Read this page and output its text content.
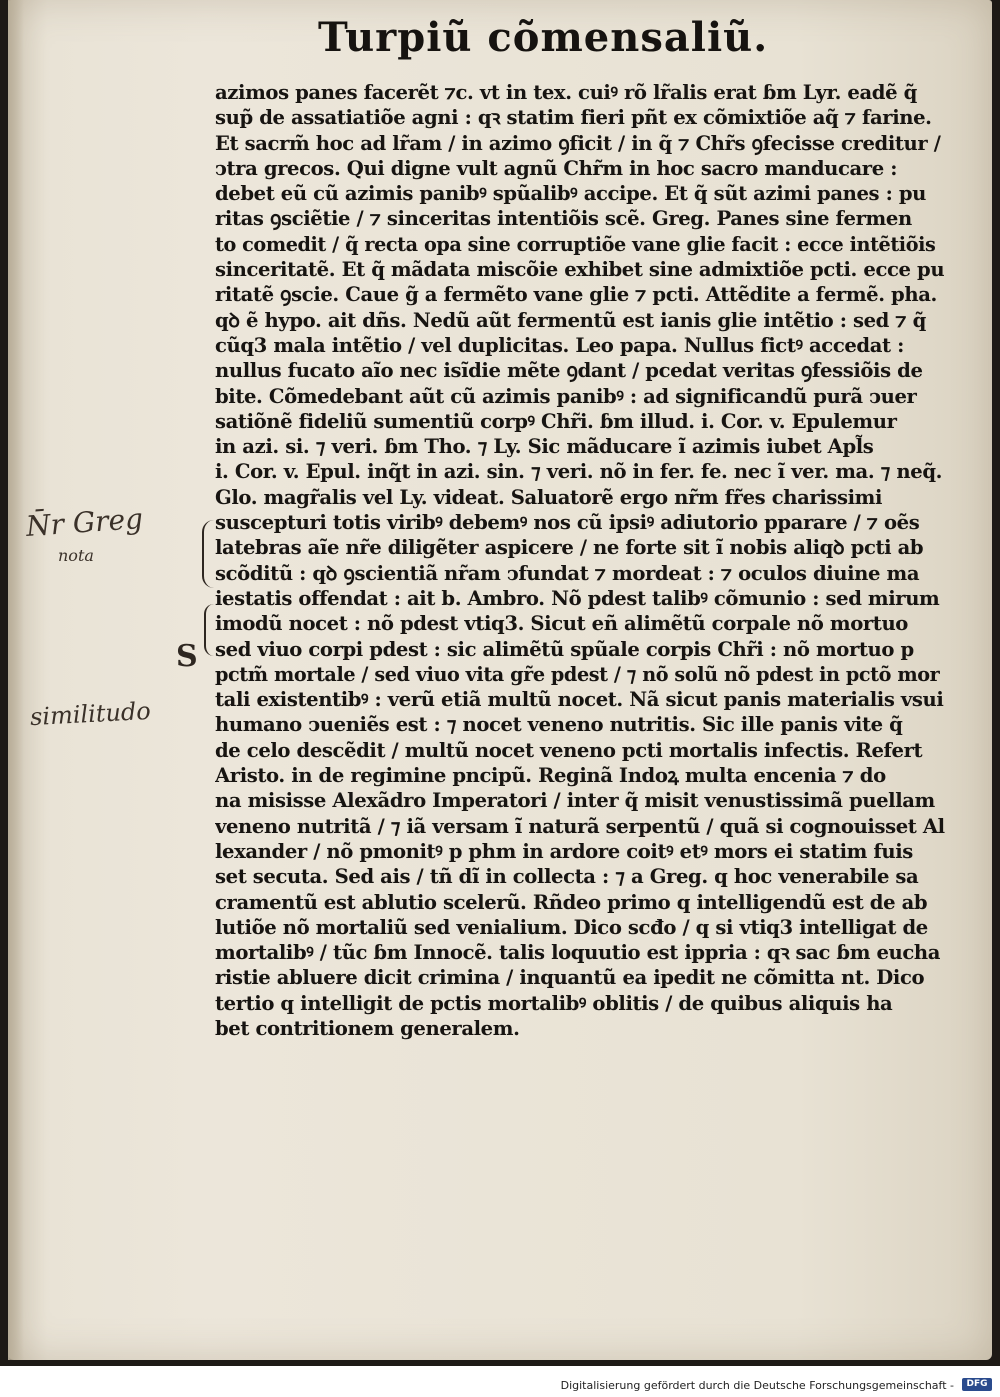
Turpiũ cõmensaliũ.
azimos panes facerẽt ⁊c. vt in tex. cuiꝰ rõ lr̃alis erat ɓm Lyr. eadẽ q̃
sup̃ de assatiatiõe agni : qꝛ statim fieri pñt ex cõmixtiõe aq̃ ⁊ farine.
Et sacrm̃ hoc ad lr̃am / in azimo ꝯficit / in q̃ ⁊ Chr̃s ꝯfecisse creditur /
ↄtra grecos. Qui digne vult agnũ Chr̃m in hoc sacro manducare :
debet eũ cũ azimis panibꝰ spũalibꝰ accipe. Et q̃ sũt azimi panes : pu
ritas ꝯsciẽtie / ⁊ sinceritas intentiõis scẽ. Greg. Panes sine fermen
to comedit / q̃ recta opa sine corruptiõe vane glie facit : ecce intẽtiõis
sinceritatẽ. Et q̃ mãdata miscõie exhibet sine admixtiõe pcti. ecce pu
ritatẽ ꝯscie. Caue g̃ a fermẽto vane glie ⁊ pcti. Attẽdite a fermẽ. pha.
qꝺ ẽ hypo. ait dñs. Nedũ aũt fermentũ est ianis glie intẽtio : sed ⁊ q̃
cũq3 mala intẽtio / vel duplicitas. Leo papa. Nullus fictꝰ accedat :
nullus fucato aĩo nec isĩdie mẽte ꝯdant / pcedat veritas ꝯfessiõis de
bite. Cõmedebant aũt cũ azimis panibꝰ : ad significandũ purã ↄuer
satiõnẽ fideliũ sumentiũ corpꝰ Chr̃i. ɓm illud. i. Cor. v. Epulemur
in azi. si. ⁊ veri. ɓm Tho. ⁊ Ly. Sic mãducare ĩ azimis iubet Apl̃s
i. Cor. v. Epul. inq̃t in azi. sin. ⁊ veri. nõ in fer. fe. nec ĩ ver. ma. ⁊ neq̃.
Glo. magr̃alis vel Ly. videat. Saluatorẽ ergo nr̃m fr̃es charissimi
suscepturi totis viribꝰ debemꝰ nos cũ ipsiꝰ adiutorio pparare / ⁊ oẽs
latebras aĩe nr̃e diligẽter aspicere / ne forte sit ĩ nobis aliqꝺ pcti ab
scõditũ : qꝺ ꝯscientiã nr̃am ↄfundat ⁊ mordeat : ⁊ oculos diuine ma
iestatis offendat : ait b. Ambro. Nõ pdest talibꝰ cõmunio : sed mirum
imodũ nocet : nõ pdest vtiq3. Sicut eñ alimẽtũ corpale nõ mortuo
sed viuo corpi pdest : sic alimẽtũ spũale corpis Chr̃i : nõ mortuo p
pctm̃ mortale / sed viuo vita gr̃e pdest / ⁊ nõ solũ nõ pdest in pctõ mor
tali existentibꝰ : verũ etiã multũ nocet. Nã sicut panis materialis vsui
humano ↄueniẽs est : ⁊ nocet veneno nutritis. Sic ille panis vite q̃
de celo descẽdit / multũ nocet veneno pcti mortalis infectis. Refert
Aristo. in de regimine pncipũ. Reginã Indoꝝ multa encenia ⁊ do
na misisse Alexãdro Imperatori / inter q̃ misit venustissimã puellam
veneno nutritã / ⁊ iã versam ĩ naturã serpentũ / quã si cognouisset Al
lexander / nõ pmonitꝰ p phm in ardore coitꝰ etꝰ mors ei statim fuis
set secuta. Sed ais / tñ dĩ in collecta : ⁊ a Greg. q hoc venerabile sa
cramentũ est ablutio scelerũ. Rñdeo primo q intelligendũ est de ab
lutiõe nõ mortaliũ sed venialium. Dico scđo / q si vtiq3 intelligat de
mortalibꝰ / tũc ɓm Innocẽ. talis loquutio est ippria : qꝛ sac ɓm eucha
ristie abluere dicit crimina / inquantũ ea ipedit ne cõmitta nt. Dico
tertio q intelligit de pctis mortalibꝰ oblitis / de quibus aliquis ha
bet contritionem generalem.
N̄r Greg
nota
similitudo
S
Digitalisierung gefördert durch die Deutsche Forschungsgemeinschaft -	DFG
